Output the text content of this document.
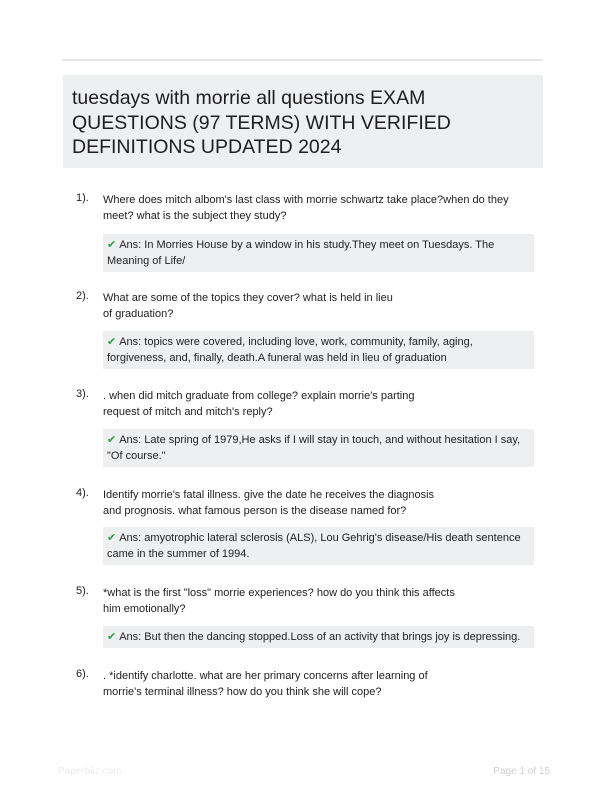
tuesdays with morrie all questions EXAM QUESTIONS (97 TERMS) WITH VERIFIED DEFINITIONS UPDATED 2024
1). Where does mitch albom's last class with morrie schwartz take place?when do they meet? what is the subject they study?
✔ Ans: In Morries House by a window in his study.They meet on Tuesdays. The Meaning of Life/
2). What are some of the topics they cover? what is held in lieu of graduation?
✔ Ans: topics were covered, including love, work, community, family, aging, forgiveness, and, finally, death.A funeral was held in lieu of graduation
3). . when did mitch graduate from college? explain morrie's parting request of mitch and mitch's reply?
✔ Ans: Late spring of 1979,He asks if I will stay in touch, and without hesitation I say, "Of course."
4). Identify morrie's fatal illness. give the date he receives the diagnosis and prognosis. what famous person is the disease named for?
✔ Ans: amyotrophic lateral sclerosis (ALS), Lou Gehrig's disease/His death sentence came in the summer of 1994.
5). *what is the first "loss" morrie experiences? how do you think this affects him emotionally?
✔ Ans: But then the dancing stopped.Loss of an activity that brings joy is depressing.
6). . *identify charlotte. what are her primary concerns after learning of morrie's terminal illness? how do you think she will cope?
Paperbliz.com	Page 1 of 15
